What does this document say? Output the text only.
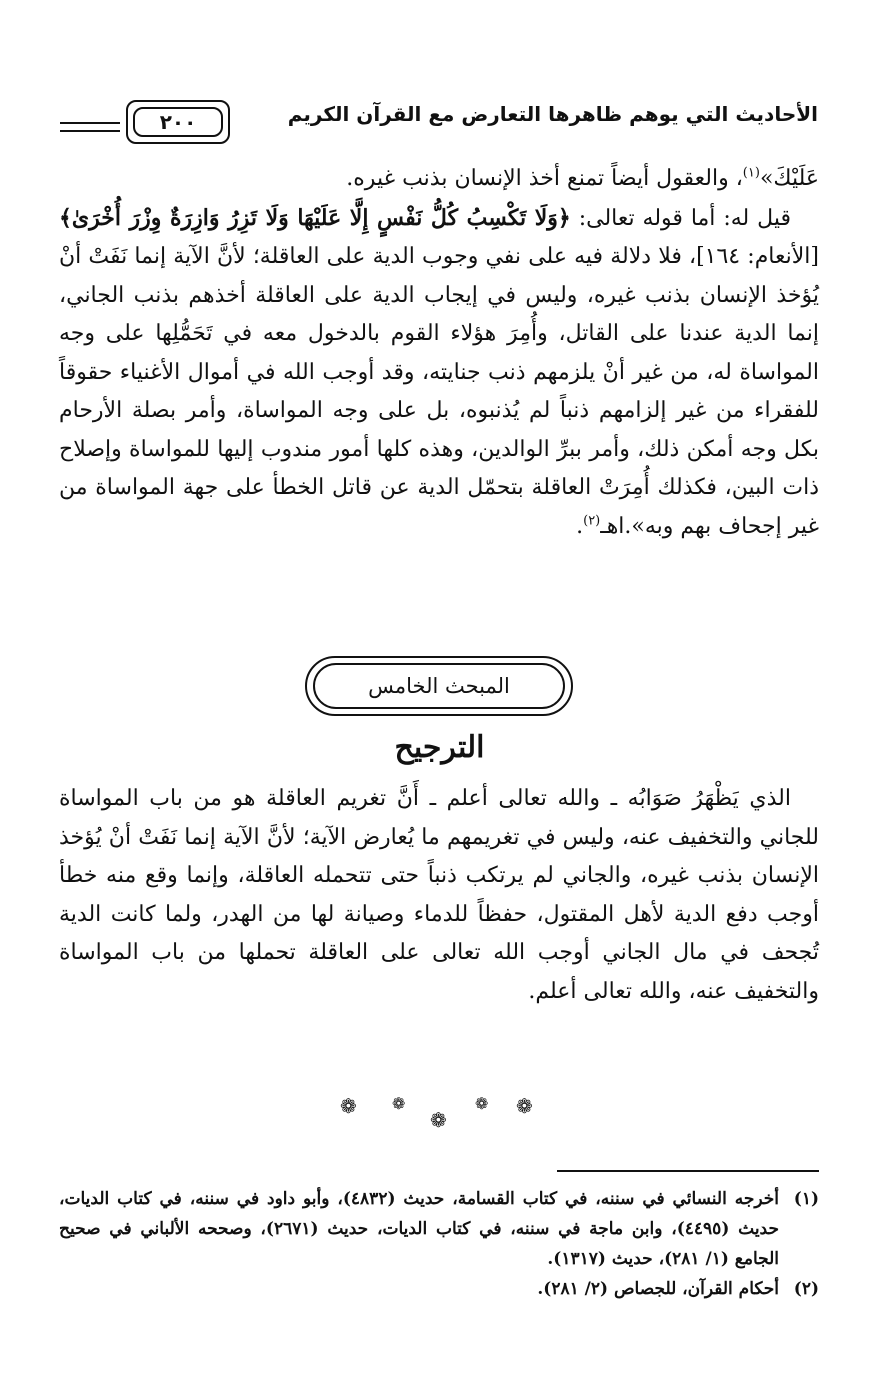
الأحاديث التي يوهم ظاهرها التعارض مع القرآن الكريم
٢٠٠

عَلَيْكَ»$^{(١)}$، والعقول أيضاً تمنع أخذ الإنسان بذنب غيره.

قيل له: أما قوله تعالى: ﴿وَلَا تَكْسِبُ كُلُّ نَفْسٍ إِلَّا عَلَيْهَا وَلَا تَزِرُ وَازِرَةٌ وِزْرَ أُخْرَىٰ﴾ [الأنعام: ١٦٤]، فلا دلالة فيه على نفي وجوب الدية على العاقلة؛ لأنَّ الآية إنما نَفَتْ أنْ يُؤخذ الإنسان بذنب غيره، وليس في إيجاب الدية على العاقلة أخذهم بذنب الجاني، إنما الدية عندنا على القاتل، وأُمِرَ هؤلاء القوم بالدخول معه في تَحَمُّلِها على وجه المواساة له، من غير أنْ يلزمهم ذنب جنايته، وقد أوجب الله في أموال الأغنياء حقوقاً للفقراء من غير إلزامهم ذنباً لم يُذنبوه، بل على وجه المواساة، وأمر بصلة الأرحام بكل وجه أمكن ذلك، وأمر ببرِّ الوالدين، وهذه كلها أمور مندوب إليها للمواساة وإصلاح ذات البين، فكذلك أُمِرَتْ العاقلة بتحمّل الدية عن قاتل الخطأ على جهة المواساة من غير إجحاف بهم وبه».اهـ$^{(٢)}$.

المبحث الخامس
الترجيح

الذي يَظْهَرُ صَوَابُه ـ والله تعالى أعلم ـ أَنَّ تغريم العاقلة هو من باب المواساة للجاني والتخفيف عنه، وليس في تغريمهم ما يُعارض الآية؛ لأنَّ الآية إنما نَفَتْ أنْ يُؤخذ الإنسان بذنب غيره، والجاني لم يرتكب ذنباً حتى تتحمله العاقلة، وإنما وقع منه خطأ أوجب دفع الدية لأهل المقتول، حفظاً للدماء وصيانة لها من الهدر، ولما كانت الدية تُجحف في مال الجاني أوجب الله تعالى على العاقلة تحملها من باب المواساة والتخفيف عنه، والله تعالى أعلم.

❁ ❁
❁
❁ ❁
(١)
أخرجه النسائي في سننه، في كتاب القسامة، حديث (٤٨٣٢)، وأبو داود في سننه، في كتاب الديات، حديث (٤٤٩٥)، وابن ماجة في سننه، في كتاب الديات، حديث (٢٦٧١)، وصححه الألباني في صحيح الجامع (١/ ٢٨١)، حديث (١٣١٧).
(٢)
أحكام القرآن، للجصاص (٢/ ٢٨١).
